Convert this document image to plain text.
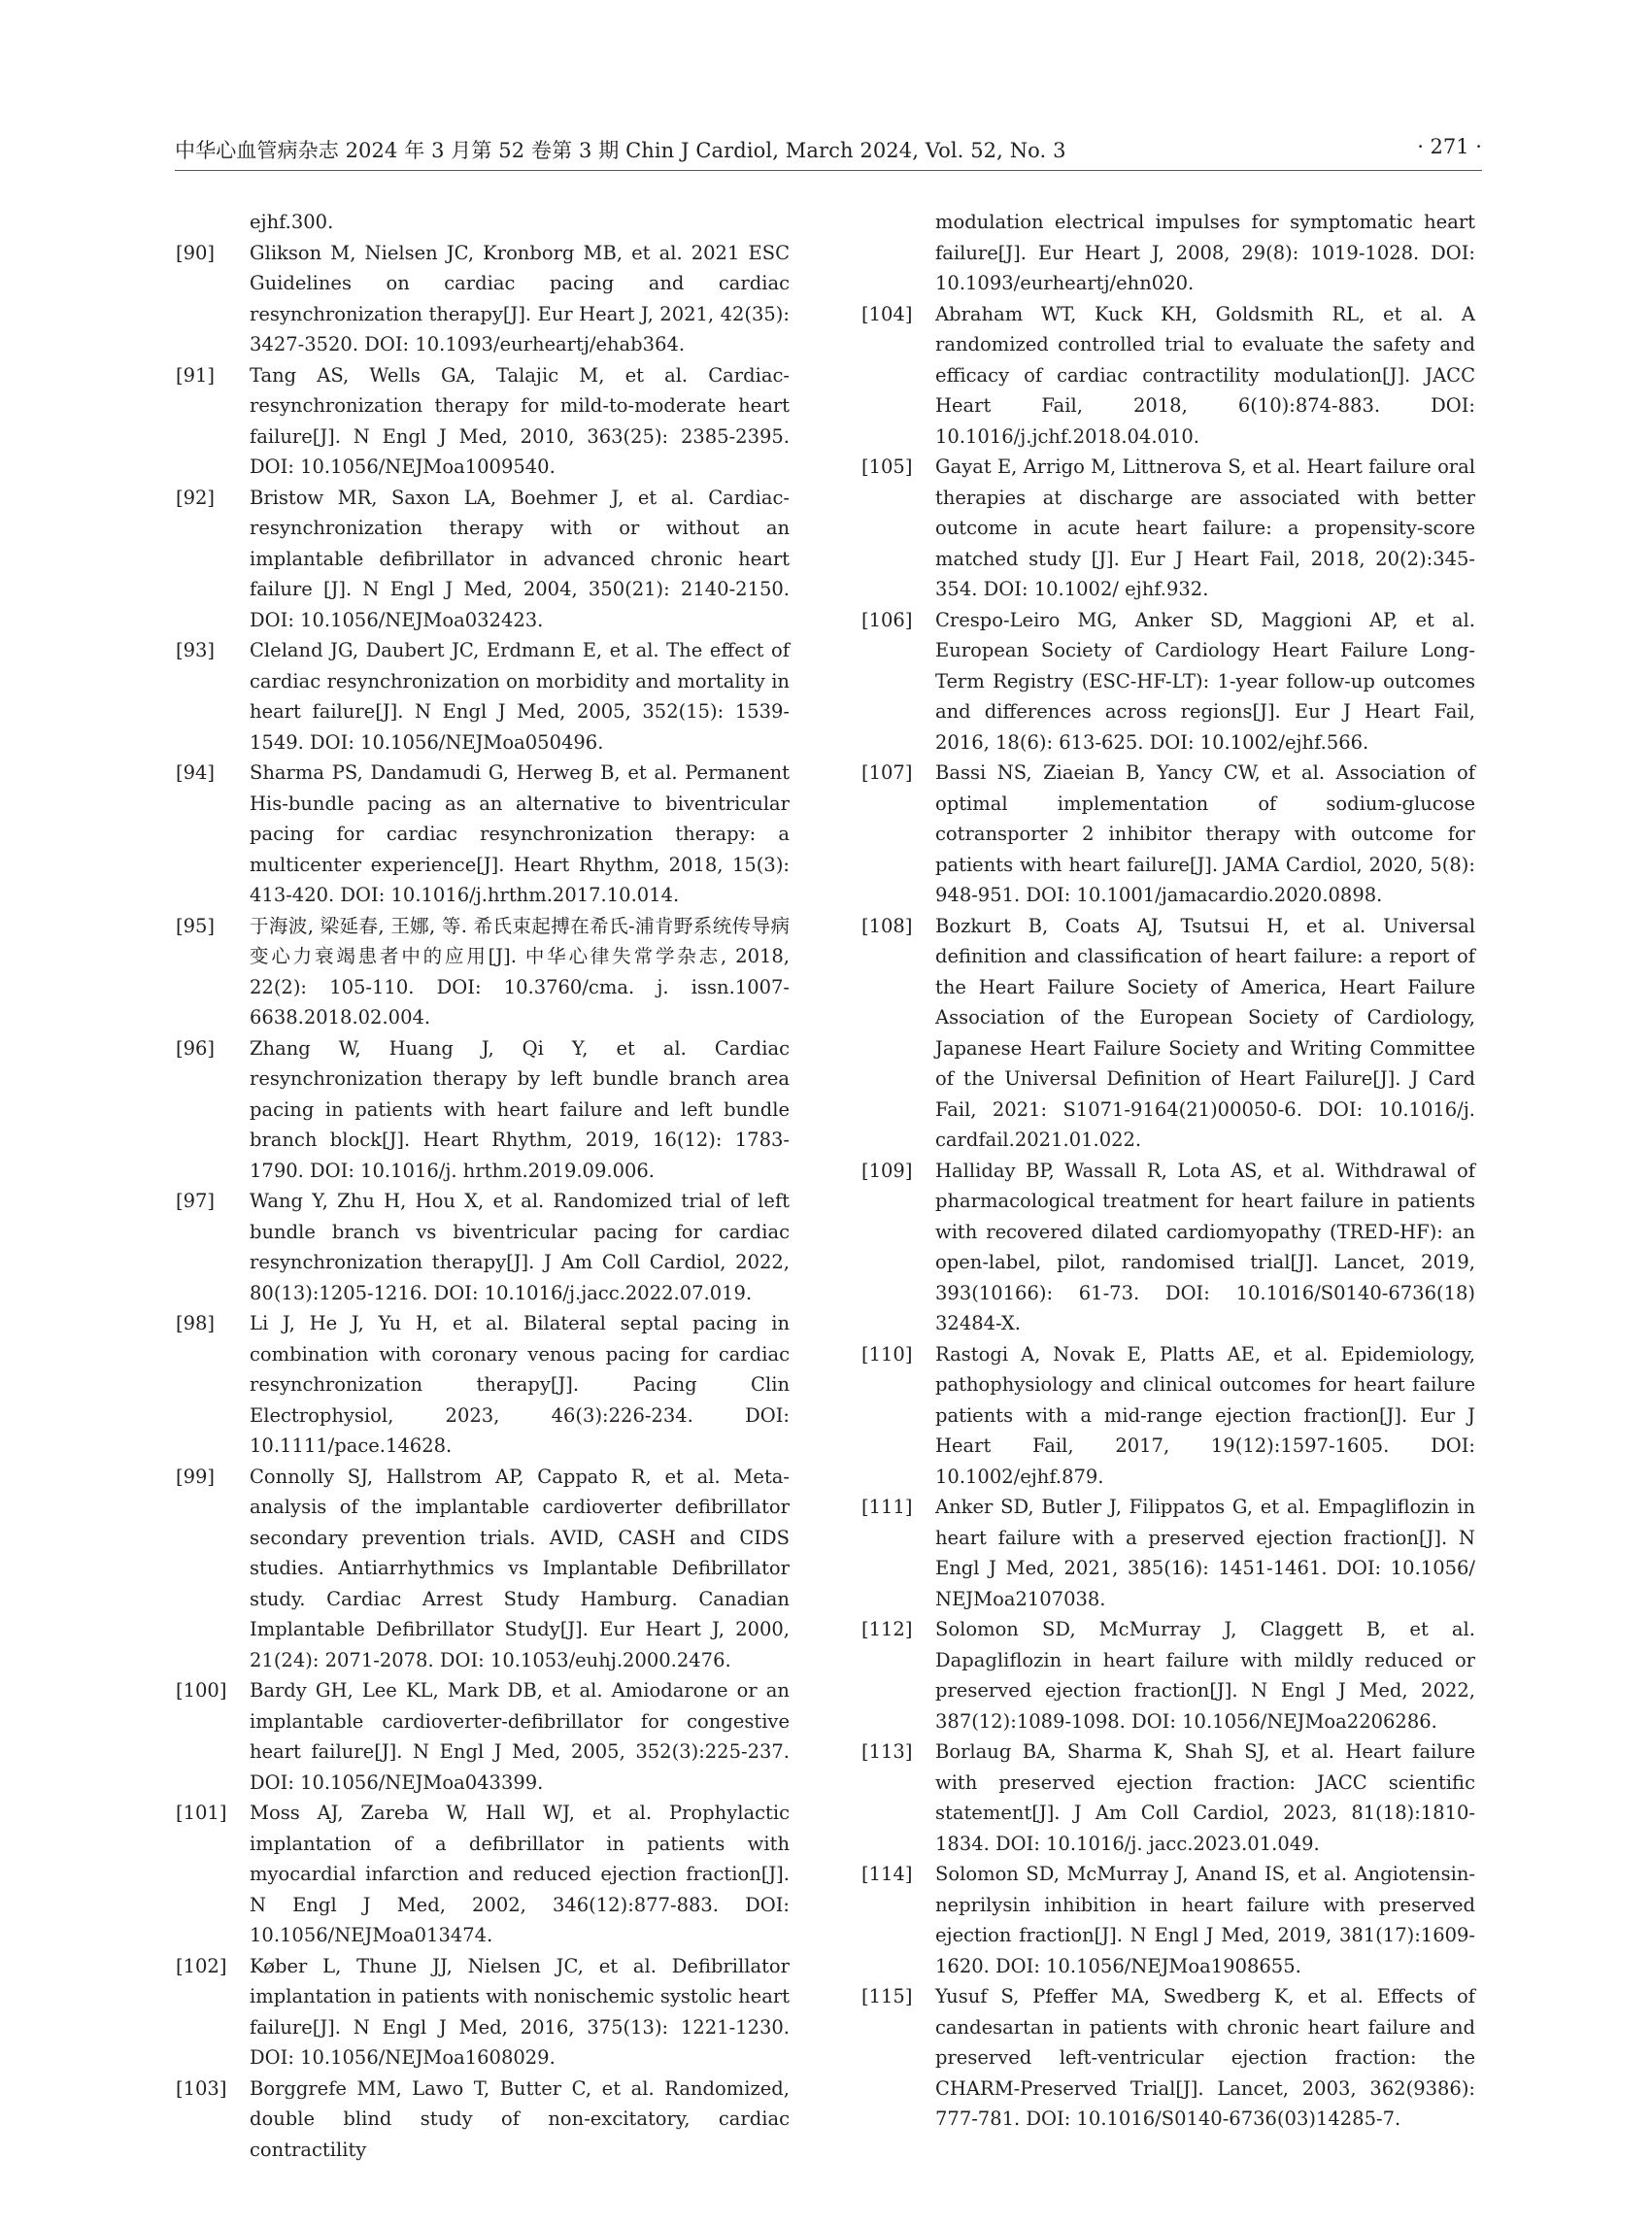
中华心血管病杂志 2024 年 3 月第 52 卷第 3 期 Chin J Cardiol, March 2024, Vol. 52, No. 3	· 271 ·
ejhf.300.
[90]	Glikson M, Nielsen JC, Kronborg MB, et al. 2021 ESC Guidelines on cardiac pacing and cardiac resynchronization therapy[J]. Eur Heart J, 2021, 42(35): 3427-3520. DOI: 10.1093/eurheartj/ehab364.
[91]	Tang AS, Wells GA, Talajic M, et al. Cardiac-resynchronization therapy for mild-to-moderate heart failure[J]. N Engl J Med, 2010, 363(25): 2385-2395. DOI: 10.1056/NEJMoa1009540.
[92]	Bristow MR, Saxon LA, Boehmer J, et al. Cardiac-resynchronization therapy with or without an implantable defibrillator in advanced chronic heart failure [J]. N Engl J Med, 2004, 350(21): 2140-2150. DOI: 10.1056/NEJMoa032423.
[93]	Cleland JG, Daubert JC, Erdmann E, et al. The effect of cardiac resynchronization on morbidity and mortality in heart failure[J]. N Engl J Med, 2005, 352(15): 1539-1549. DOI: 10.1056/NEJMoa050496.
[94]	Sharma PS, Dandamudi G, Herweg B, et al. Permanent His-bundle pacing as an alternative to biventricular pacing for cardiac resynchronization therapy: a multicenter experience[J]. Heart Rhythm, 2018, 15(3): 413-420. DOI: 10.1016/j.hrthm.2017.10.014.
[95]	于海波, 梁延春, 王娜, 等. 希氏束起搏在希氏-浦肯野系统传导病变心力衰竭患者中的应用[J]. 中华心律失常学杂志, 2018, 22(2): 105-110. DOI: 10.3760/cma. j. issn.1007-6638.2018.02.004.
[96]	Zhang W, Huang J, Qi Y, et al. Cardiac resynchronization therapy by left bundle branch area pacing in patients with heart failure and left bundle branch block[J]. Heart Rhythm, 2019, 16(12): 1783-1790. DOI: 10.1016/j. hrthm.2019.09.006.
[97]	Wang Y, Zhu H, Hou X, et al. Randomized trial of left bundle branch vs biventricular pacing for cardiac resynchronization therapy[J]. J Am Coll Cardiol, 2022, 80(13):1205-1216. DOI: 10.1016/j.jacc.2022.07.019.
[98]	Li J, He J, Yu H, et al. Bilateral septal pacing in combination with coronary venous pacing for cardiac resynchronization therapy[J]. Pacing Clin Electrophysiol, 2023, 46(3):226-234. DOI: 10.1111/pace.14628.
[99]	Connolly SJ, Hallstrom AP, Cappato R, et al. Meta-analysis of the implantable cardioverter defibrillator secondary prevention trials. AVID, CASH and CIDS studies. Antiarrhythmics vs Implantable Defibrillator study. Cardiac Arrest Study Hamburg. Canadian Implantable Defibrillator Study[J]. Eur Heart J, 2000, 21(24): 2071-2078. DOI: 10.1053/euhj.2000.2476.
[100]	Bardy GH, Lee KL, Mark DB, et al. Amiodarone or an implantable cardioverter-defibrillator for congestive heart failure[J]. N Engl J Med, 2005, 352(3):225-237. DOI: 10.1056/NEJMoa043399.
[101]	Moss AJ, Zareba W, Hall WJ, et al. Prophylactic implantation of a defibrillator in patients with myocardial infarction and reduced ejection fraction[J]. N Engl J Med, 2002, 346(12):877-883. DOI: 10.1056/NEJMoa013474.
[102]	Køber L, Thune JJ, Nielsen JC, et al. Defibrillator implantation in patients with nonischemic systolic heart failure[J]. N Engl J Med, 2016, 375(13): 1221-1230. DOI: 10.1056/NEJMoa1608029.
[103]	Borggrefe MM, Lawo T, Butter C, et al. Randomized, double blind study of non-excitatory, cardiac contractility
modulation electrical impulses for symptomatic heart failure[J]. Eur Heart J, 2008, 29(8): 1019-1028. DOI: 10.1093/eurheartj/ehn020.
[104]	Abraham WT, Kuck KH, Goldsmith RL, et al. A randomized controlled trial to evaluate the safety and efficacy of cardiac contractility modulation[J]. JACC Heart Fail, 2018, 6(10):874-883. DOI: 10.1016/j.jchf.2018.04.010.
[105]	Gayat E, Arrigo M, Littnerova S, et al. Heart failure oral therapies at discharge are associated with better outcome in acute heart failure: a propensity-score matched study [J]. Eur J Heart Fail, 2018, 20(2):345-354. DOI: 10.1002/ ejhf.932.
[106]	Crespo-Leiro MG, Anker SD, Maggioni AP, et al. European Society of Cardiology Heart Failure Long-Term Registry (ESC-HF-LT): 1-year follow-up outcomes and differences across regions[J]. Eur J Heart Fail, 2016, 18(6): 613-625. DOI: 10.1002/ejhf.566.
[107]	Bassi NS, Ziaeian B, Yancy CW, et al. Association of optimal implementation of sodium-glucose cotransporter 2 inhibitor therapy with outcome for patients with heart failure[J]. JAMA Cardiol, 2020, 5(8): 948-951. DOI: 10.1001/jamacardio.2020.0898.
[108]	Bozkurt B, Coats AJ, Tsutsui H, et al. Universal definition and classification of heart failure: a report of the Heart Failure Society of America, Heart Failure Association of the European Society of Cardiology, Japanese Heart Failure Society and Writing Committee of the Universal Definition of Heart Failure[J]. J Card Fail, 2021: S1071-9164(21)00050-6. DOI: 10.1016/j. cardfail.2021.01.022.
[109]	Halliday BP, Wassall R, Lota AS, et al. Withdrawal of pharmacological treatment for heart failure in patients with recovered dilated cardiomyopathy (TRED-HF): an open-label, pilot, randomised trial[J]. Lancet, 2019, 393(10166): 61-73. DOI: 10.1016/S0140-6736(18) 32484-X.
[110]	Rastogi A, Novak E, Platts AE, et al. Epidemiology, pathophysiology and clinical outcomes for heart failure patients with a mid-range ejection fraction[J]. Eur J Heart Fail, 2017, 19(12):1597-1605. DOI: 10.1002/ejhf.879.
[111]	Anker SD, Butler J, Filippatos G, et al. Empagliflozin in heart failure with a preserved ejection fraction[J]. N Engl J Med, 2021, 385(16): 1451-1461. DOI: 10.1056/ NEJMoa2107038.
[112]	Solomon SD, McMurray J, Claggett B, et al. Dapagliflozin in heart failure with mildly reduced or preserved ejection fraction[J]. N Engl J Med, 2022, 387(12):1089-1098. DOI: 10.1056/NEJMoa2206286.
[113]	Borlaug BA, Sharma K, Shah SJ, et al. Heart failure with preserved ejection fraction: JACC scientific statement[J]. J Am Coll Cardiol, 2023, 81(18):1810-1834. DOI: 10.1016/j. jacc.2023.01.049.
[114]	Solomon SD, McMurray J, Anand IS, et al. Angiotensin-neprilysin inhibition in heart failure with preserved ejection fraction[J]. N Engl J Med, 2019, 381(17):1609-1620. DOI: 10.1056/NEJMoa1908655.
[115]	Yusuf S, Pfeffer MA, Swedberg K, et al. Effects of candesartan in patients with chronic heart failure and preserved left-ventricular ejection fraction: the CHARM-Preserved Trial[J]. Lancet, 2003, 362(9386): 777-781. DOI: 10.1016/S0140-6736(03)14285-7.
